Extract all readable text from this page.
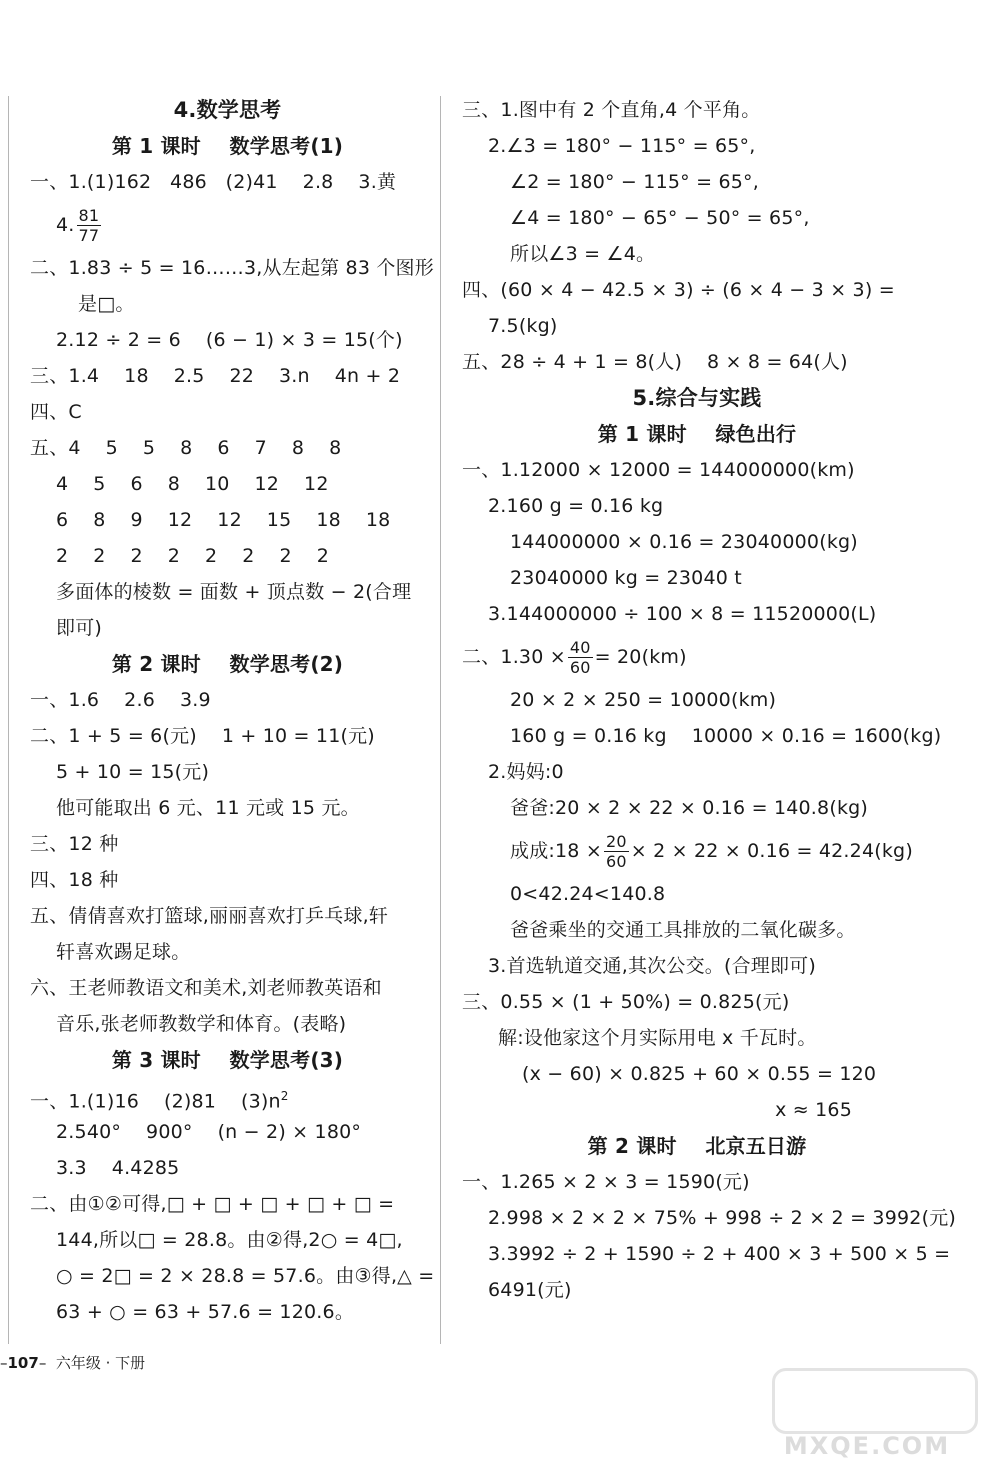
4.数学思考
第 1 课时    数学思考(1)
一、1.(1)162   486   (2)41    2.8    3.黄
4. $\frac{81}{77}$
二、1.83 ÷ 5 = 16……3,从左起第 83 个图形
是□。
2.12 ÷ 2 = 6    (6 − 1) × 3 = 15(个)
三、1.4    18    2.5    22    3.n    4n + 2
四、C
五、4    5    5    8    6    7    8    8
4    5    6    8    10    12    12
6    8    9    12    12    15    18    18
2    2    2    2    2    2    2    2
多面体的棱数 = 面数 + 顶点数 − 2(合理
即可)
第 2 课时    数学思考(2)
一、1.6    2.6    3.9
二、1 + 5 = 6(元)    1 + 10 = 11(元)
5 + 10 = 15(元)
他可能取出 6 元、11 元或 15 元。
三、12 种
四、18 种
五、倩倩喜欢打篮球,丽丽喜欢打乒乓球,轩
轩喜欢踢足球。
六、王老师教语文和美术,刘老师教英语和
音乐,张老师教数学和体育。(表略)
第 3 课时    数学思考(3)
一、1.(1)16    (2)81    $(3)n^2$
2.540°    900°    (n − 2) × 180°
3.3    4.4285
二、由①②可得,□ + □ + □ + □ + □ =
144,所以□ = 28.8。由②得,2○ = 4□,
○ = 2□ = 2 × 28.8 = 57.6。由③得,△ =
63 + ○ = 63 + 57.6 = 120.6。
三、1.图中有 2 个直角,4 个平角。
2.∠3 = 180° − 115° = 65°,
∠2 = 180° − 115° = 65°,
∠4 = 180° − 65° − 50° = 65°,
所以∠3 = ∠4。
四、(60 × 4 − 42.5 × 3) ÷ (6 × 4 − 3 × 3) =
7.5(kg)
五、28 ÷ 4 + 1 = 8(人)    8 × 8 = 64(人)
5.综合与实践
第 1 课时    绿色出行
一、1.12000 × 12000 = 144000000(km)
2.160 g = 0.16 kg
144000000 × 0.16 = 23040000(kg)
23040000 kg = 23040 t
3.144000000 ÷ 100 × 8 = 11520000(L)
二、$1.30 \times \frac{40}{60} = 20(km)$
20 × 2 × 250 = 10000(km)
160 g = 0.16 kg    10000 × 0.16 = 1600(kg)
2.妈妈:0
爸爸:20 × 2 × 22 × 0.16 = 140.8(kg)
成成:18 × $\frac{20}{60} \times 2 \times 22 \times 0.16 = 42.24(kg)$
0<42.24<140.8
爸爸乘坐的交通工具排放的二氧化碳多。
3.首选轨道交通,其次公交。(合理即可)
三、0.55 × (1 + 50%) = 0.825(元)
解:设他家这个月实际用电 x 千瓦时。
(x − 60) × 0.825 + 60 × 0.55 = 120
x ≈ 165
第 2 课时    北京五日游
一、1.265 × 2 × 3 = 1590(元)
2.998 × 2 × 2 × 75% + 998 ÷ 2 × 2 = 3992(元)
3.3992 ÷ 2 + 1590 ÷ 2 + 400 × 3 + 500 × 5 =
6491(元)
–107–  六年级 · 下册
MXQE.COM
